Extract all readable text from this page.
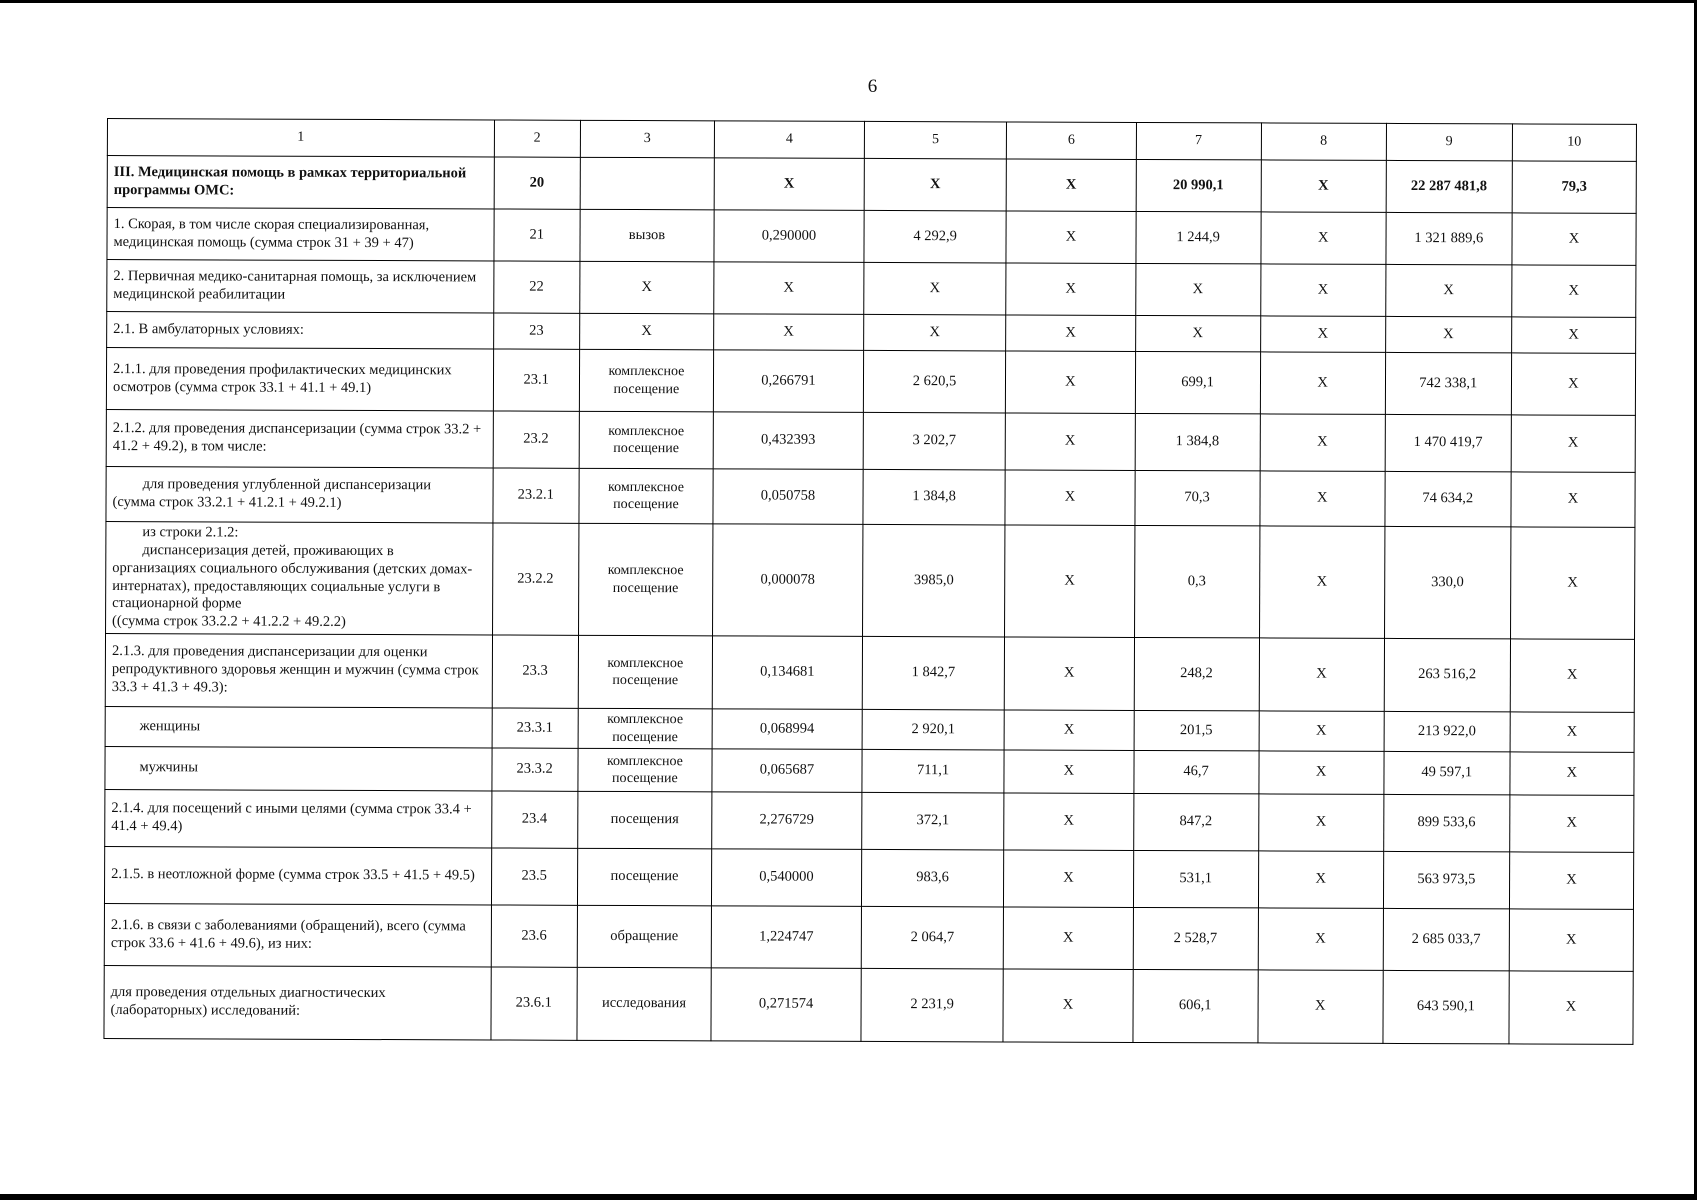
6
1	2	3	4	5	6	7	8	9	10
III. Медицинская помощь в рамках территориальной программы ОМС:	20		X	X	X	20 990,1	X	22 287 481,8	79,3
1. Скорая, в том числе скорая специализированная, медицинская помощь (сумма строк 31 + 39 + 47)	21	вызов	0,290000	4 292,9	X	1 244,9	X	1 321 889,6	X
2. Первичная медико-санитарная помощь, за исключением медицинской реабилитации	22	X	X	X	X	X	X	X	X
2.1. В амбулаторных условиях:	23	X	X	X	X	X	X	X	X
2.1.1. для проведения профилактических медицинских осмотров (сумма строк 33.1 + 41.1 + 49.1)	23.1	комплексное посещение	0,266791	2 620,5	X	699,1	X	742 338,1	X
2.1.2. для проведения диспансеризации (сумма строк 33.2 + 41.2 + 49.2), в том числе:	23.2	комплексное посещение	0,432393	3 202,7	X	1 384,8	X	1 470 419,7	X

для проведения углубленной диспансеризации
(сумма строк 33.2.1 + 41.2.1 + 49.2.1)	23.2.1	комплексное посещение	0,050758	1 384,8	X	70,3	X	74 634,2	X

из строки 2.1.2:
диспансеризация детей, проживающих в
организациях социального обслуживания (детских домах-интернатах), предоставляющих социальные услуги в стационарной форме
((сумма строк 33.2.2 + 41.2.2 + 49.2.2)	23.2.2	комплексное посещение	0,000078	3985,0	X	0,3	X	330,0	X
2.1.3. для проведения диспансеризации для оценки репродуктивного здоровья женщин и мужчин (сумма строк 33.3 + 41.3 + 49.3):	23.3	комплексное посещение	0,134681	1 842,7	X	248,2	X	263 516,2	X
женщины	23.3.1	комплексное посещение	0,068994	2 920,1	X	201,5	X	213 922,0	X
мужчины	23.3.2	комплексное посещение	0,065687	711,1	X	46,7	X	49 597,1	X
2.1.4. для посещений с иными целями (сумма строк 33.4 + 41.4 + 49.4)	23.4	посещения	2,276729	372,1	X	847,2	X	899 533,6	X
2.1.5. в неотложной форме (сумма строк 33.5 + 41.5 + 49.5)	23.5	посещение	0,540000	983,6	X	531,1	X	563 973,5	X
2.1.6. в связи с заболеваниями (обращений), всего (сумма строк 33.6 + 41.6 + 49.6), из них:	23.6	обращение	1,224747	2 064,7	X	2 528,7	X	2 685 033,7	X
для проведения отдельных диагностических (лабораторных) исследований:	23.6.1	исследования	0,271574	2 231,9	X	606,1	X	643 590,1	X
